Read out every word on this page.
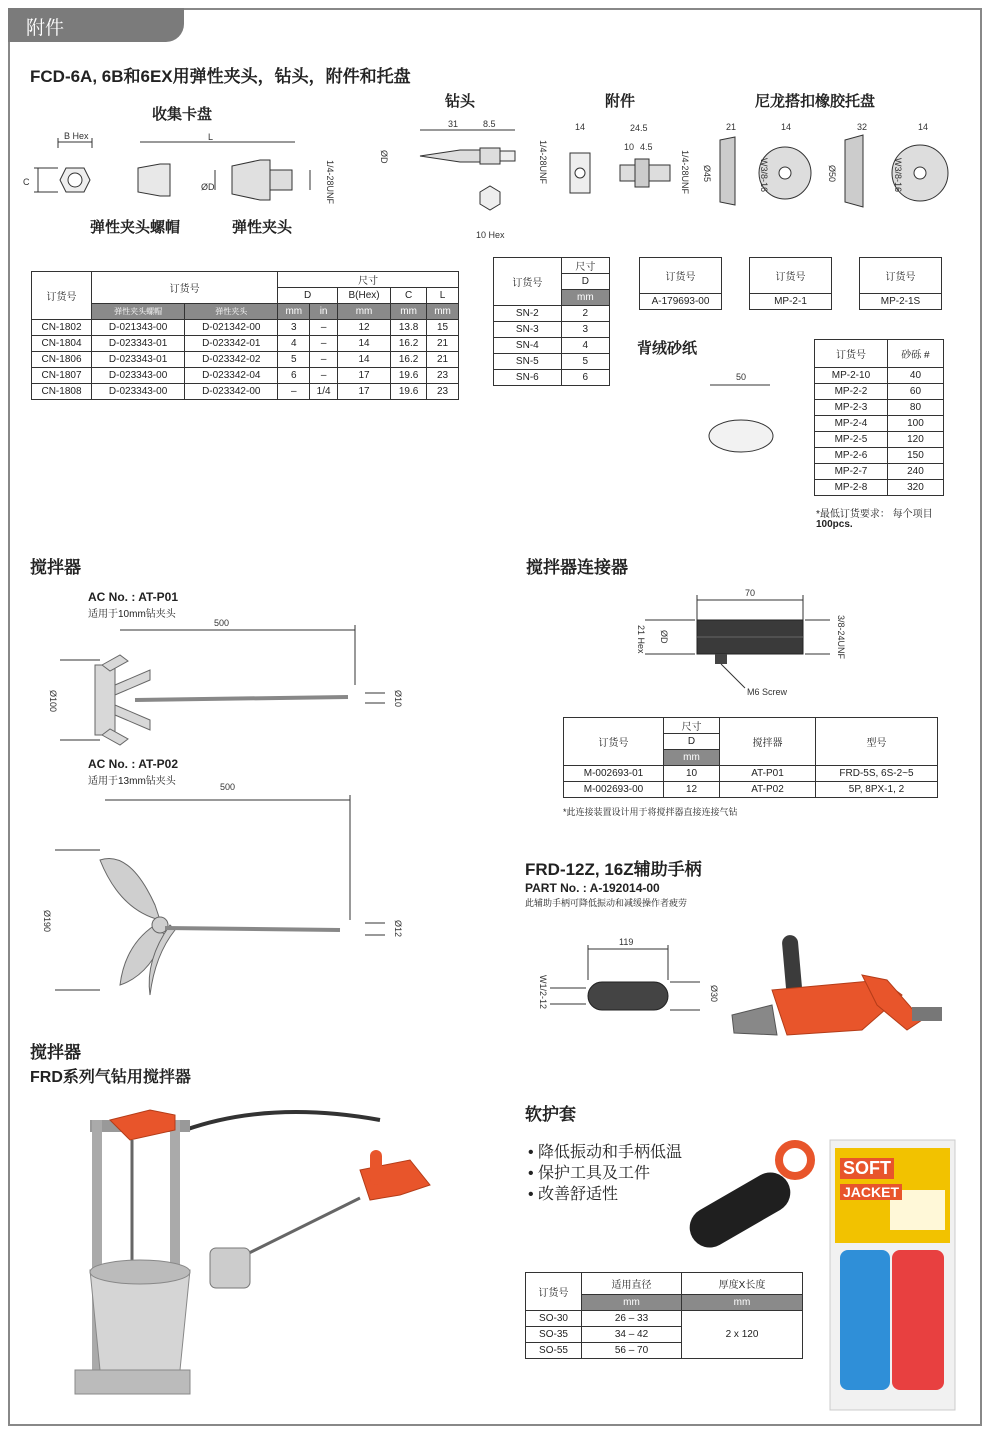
附件
FCD-6A, 6B和6EX用弹性夹头，钻头，附件和托盘
收集卡盘
钻头	附件	尼龙搭扣橡胶托盘
B Hex
C
L
ØD	1/4-28UNF
弹性夹头螺帽	弹性夹头
31	8.5
ØD	1/4-28UNF
10 Hex
14	24.5
10 4.5
1/4-28UNF
21	14
Ø45	W3/8-16
32	14
Ø50	W3/8-16
订货号	订货号		尺寸				
			D		B(Hex)	C	L
	弹性夹头螺帽	弹性夹头	mm	in	mm	mm	mm
CN-1802	D-021343-00	D-021342-00	3	–	12	13.8	15
CN-1804	D-023343-01	D-023342-01	4	–	14	16.2	21
CN-1806	D-023343-01	D-023342-02	5	–	14	16.2	21
CN-1807	D-023343-00	D-023342-04	6	–	17	19.6	23
CN-1808	D-023343-00	D-023342-00	–	1/4	17	19.6	23
订货号	尺寸
	D
	mm
SN-2	2
SN-3	3
SN-4	4
SN-5	5
SN-6	6
订货号
A-179693-00
订货号
MP-2-1
订货号
MP-2-1S
背绒砂纸
50
订货号	砂砾 #
MP-2-10	40
MP-2-2	60
MP-2-3	80
MP-2-4	100
MP-2-5	120
MP-2-6	150
MP-2-7	240
MP-2-8	320
*最低订货要求： 每个项目
100pcs.
搅拌器
AC No. : AT-P01
适用于10mm钻夹头
500
Ø100	Ø10
AC No. : AT-P02
适用于13mm钻夹头	500
Ø190	Ø12
搅拌器连接器
70
21 Hex	ØD	3/8-24UNF
M6 Screw
订货号	尺寸	搅拌器	型号
	D		
	mm		
M-002693-01	10	AT-P01	FRD-5S, 6S-2~5
M-002693-00	12	AT-P02	5P, 8PX-1, 2
*此连接装置设计用于将搅拌器直接连接气钻
FRD-12Z, 16Z辅助手柄
PART No. : A-192014-00
此辅助手柄可降低振动和减缓操作者疲劳
119
W1/2-12	Ø30
搅拌器
FRD系列气钻用搅拌器
软护套
• 降低振动和手柄低温
• 保护工具及工件
• 改善舒适性
SOFT
JACKET
订货号	适用直径	厚度X长度
	mm	mm
SO-30	26 – 33	2 x 120
SO-35	34 – 42	
SO-55	56 – 70	
